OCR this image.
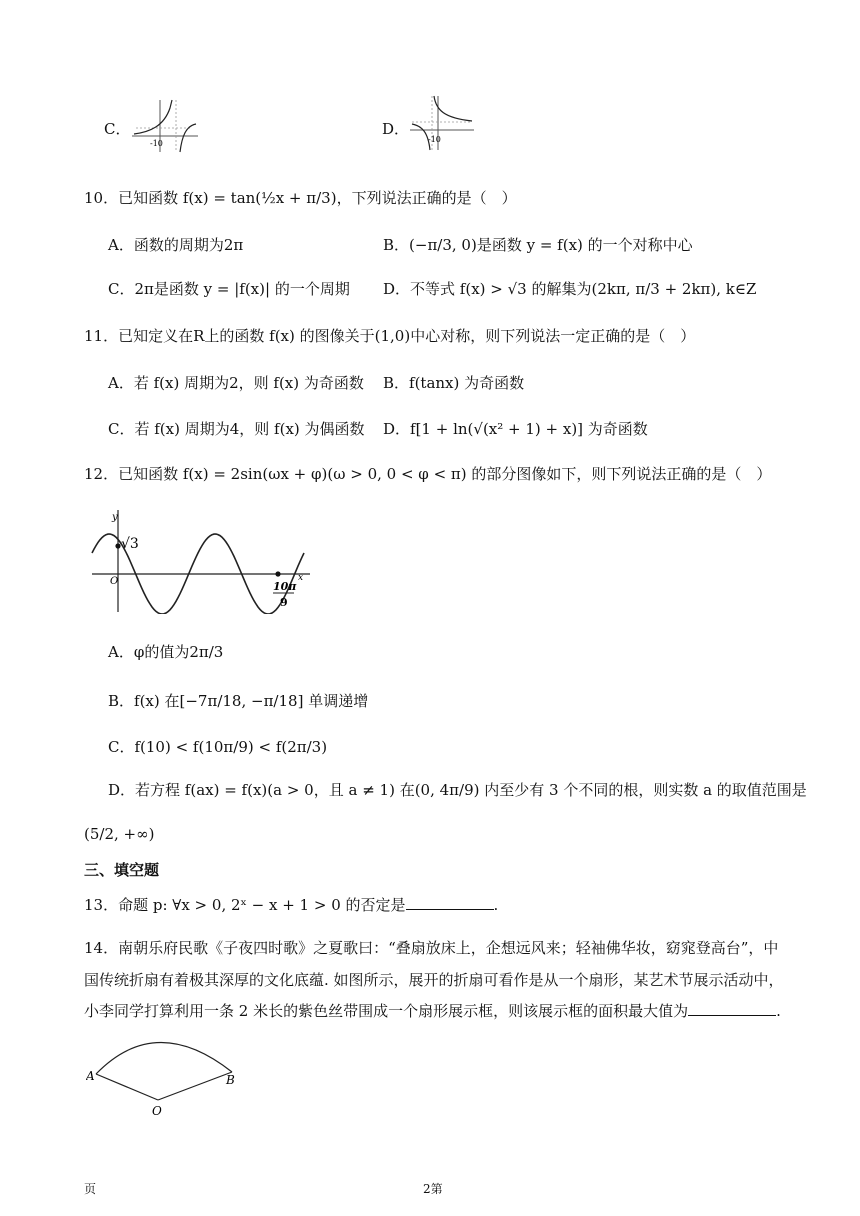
C．
-10
D．
-10
10．已知函数 f(x) = tan(½x + π/3)，下列说法正确的是（　）
A．函数的周期为2π	B．(−π/3, 0)是函数 y = f(x) 的一个对称中心
C．2π是函数 y = |f(x)| 的一个周期 D．不等式 f(x) > √3 的解集为(2kπ, π/3 + 2kπ), k∈Z
11．已知定义在R上的函数 f(x) 的图像关于(1,0)中心对称，则下列说法一定正确的是（　）
A．若 f(x) 周期为2，则 f(x) 为奇函数 B．f(tanx) 为奇函数
C．若 f(x) 周期为4，则 f(x) 为偶函数 D．f[1 + ln(√(x² + 1) + x)] 为奇函数
12．已知函数 f(x) = 2sin(ωx + φ)(ω > 0, 0 < φ < π) 的部分图像如下，则下列说法正确的是（　）
y
O
√3
x
10π
9
A．φ的值为2π/3
B．f(x) 在[−7π/18, −π/18] 单调递增
C．f(10) < f(10π/9) < f(2π/3)
D．若方程 f(ax) = f(x)(a > 0，且 a ≠ 1) 在(0, 4π/9) 内至少有 3 个不同的根，则实数 a 的取值范围是
(5/2, +∞)
三、填空题
13．命题 p: ∀x > 0, 2ˣ − x + 1 > 0 的否定是	.
14．南朝乐府民歌《子夜四时歌》之夏歌曰：“叠扇放床上，企想远风来；轻袖佛华妆，窈窕登高台”，中
国传统折扇有着极其深厚的文化底蕴. 如图所示，展开的折扇可看作是从一个扇形，某艺术节展示活动中，
小李同学打算利用一条 2 米长的紫色丝带围成一个扇形展示框，则该展示框的面积最大值为	.
A	B
O
页	2第
